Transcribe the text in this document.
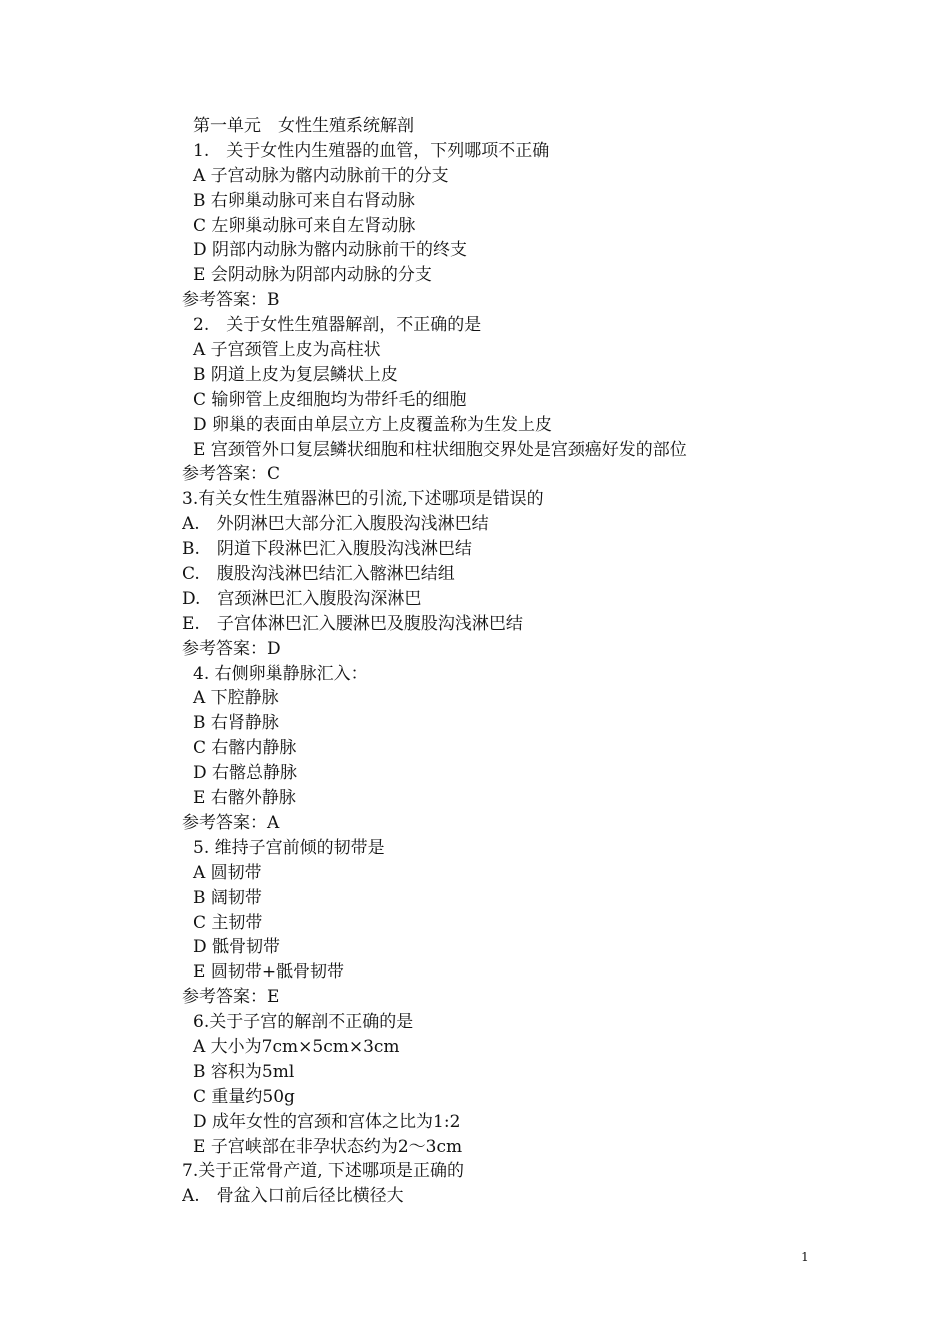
第一单元　女性生殖系统解剖
1.　关于女性内生殖器的血管，下列哪项不正确
A 子宫动脉为髂内动脉前干的分支
B 右卵巢动脉可来自右肾动脉
C 左卵巢动脉可来自左肾动脉
D 阴部内动脉为髂内动脉前干的终支
E 会阴动脉为阴部内动脉的分支
参考答案：B
2.　关于女性生殖器解剖，不正确的是
A 子宫颈管上皮为高柱状
B 阴道上皮为复层鳞状上皮
C 输卵管上皮细胞均为带纤毛的细胞
D 卵巢的表面由单层立方上皮覆盖称为生发上皮
E 宫颈管外口复层鳞状细胞和柱状细胞交界处是宫颈癌好发的部位
参考答案：C
3.有关女性生殖器淋巴的引流,下述哪项是错误的
A.　外阴淋巴大部分汇入腹股沟浅淋巴结
B.　阴道下段淋巴汇入腹股沟浅淋巴结
C.　腹股沟浅淋巴结汇入髂淋巴结组
D.　宫颈淋巴汇入腹股沟深淋巴
E.　子宫体淋巴汇入腰淋巴及腹股沟浅淋巴结
参考答案：D
4. 右侧卵巢静脉汇入：
A 下腔静脉
B 右肾静脉
C 右髂内静脉
D 右髂总静脉
E 右髂外静脉
参考答案：A
5. 维持子宫前倾的韧带是
A 圆韧带
B 阔韧带
C 主韧带
D 骶骨韧带
E 圆韧带+骶骨韧带
参考答案：E
6.关于子宫的解剖不正确的是
A 大小为7cm×5cm×3cm
B 容积为5ml
C 重量约50g
D 成年女性的宫颈和宫体之比为1:2
E 子宫峡部在非孕状态约为2～3cm
7.关于正常骨产道, 下述哪项是正确的
A.　骨盆入口前后径比横径大
1
